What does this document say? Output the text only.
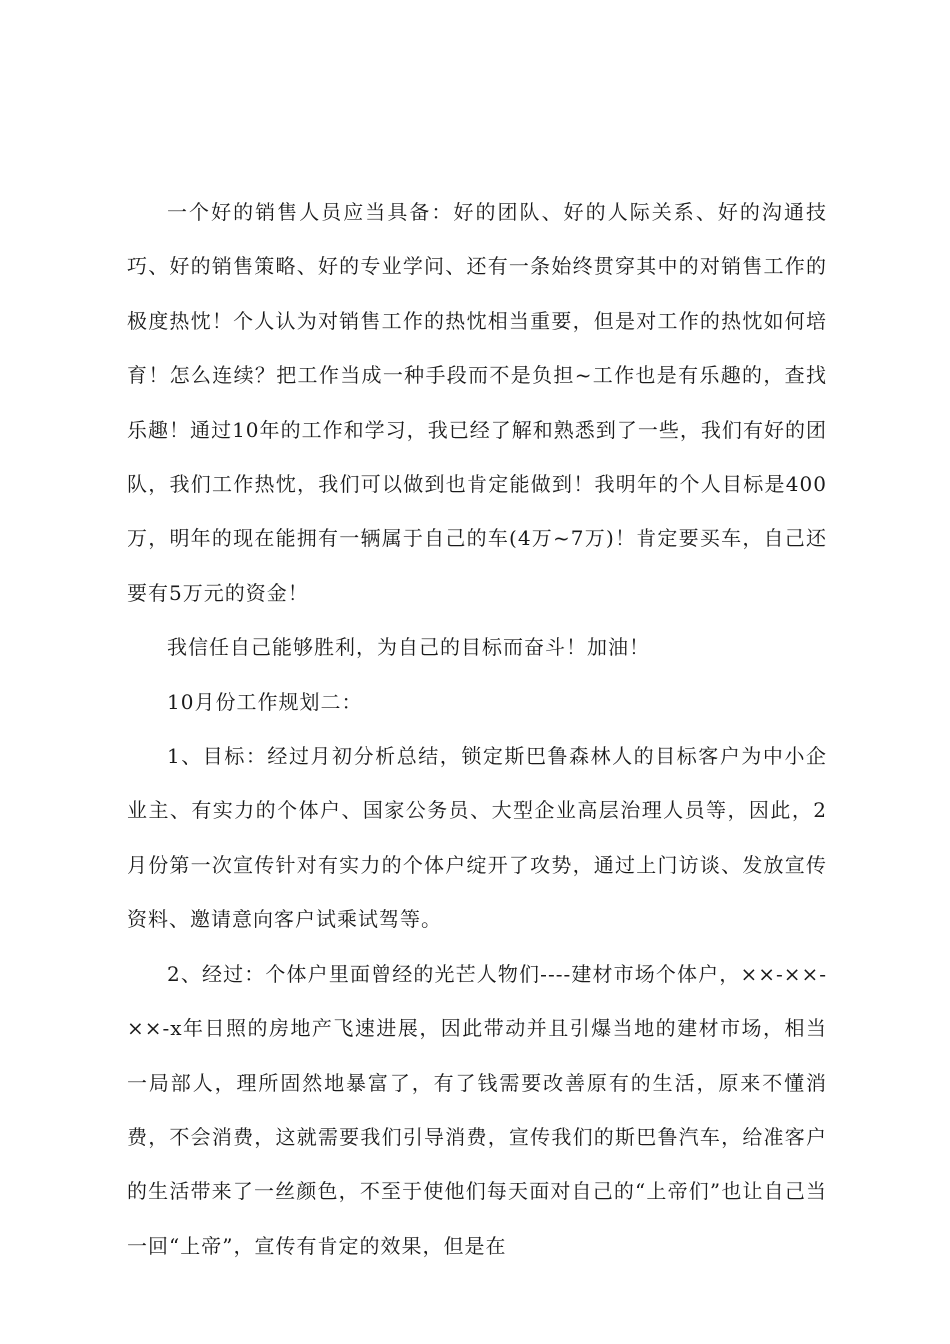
一个好的销售人员应当具备：好的团队、好的人际关系、好的沟通技巧、好的销售策略、好的专业学问、还有一条始终贯穿其中的对销售工作的极度热忱！个人认为对销售工作的热忱相当重要，但是对工作的热忱如何培育！怎么连续？把工作当成一种手段而不是负担~工作也是有乐趣的，查找乐趣！通过10年的工作和学习，我已经了解和熟悉到了一些，我们有好的团队，我们工作热忱，我们可以做到也肯定能做到！我明年的个人目标是400万，明年的现在能拥有一辆属于自己的车(4万~7万)！肯定要买车，自己还要有5万元的资金！

我信任自己能够胜利，为自己的目标而奋斗！加油！

10月份工作规划二：

1、目标：经过月初分析总结，锁定斯巴鲁森林人的目标客户为中小企业主、有实力的个体户、国家公务员、大型企业高层治理人员等，因此，2月份第一次宣传针对有实力的个体户绽开了攻势，通过上门访谈、发放宣传资料、邀请意向客户试乘试驾等。

2、经过：个体户里面曾经的光芒人物们----建材市场个体户，××-××-××-x年日照的房地产飞速进展，因此带动并且引爆当地的建材市场，相当一局部人，理所固然地暴富了，有了钱需要改善原有的生活，原来不懂消费，不会消费，这就需要我们引导消费，宣传我们的斯巴鲁汽车，给准客户的生活带来了一丝颜色，不至于使他们每天面对自己的“上帝们”也让自己当一回“上帝”，宣传有肯定的效果，但是在
